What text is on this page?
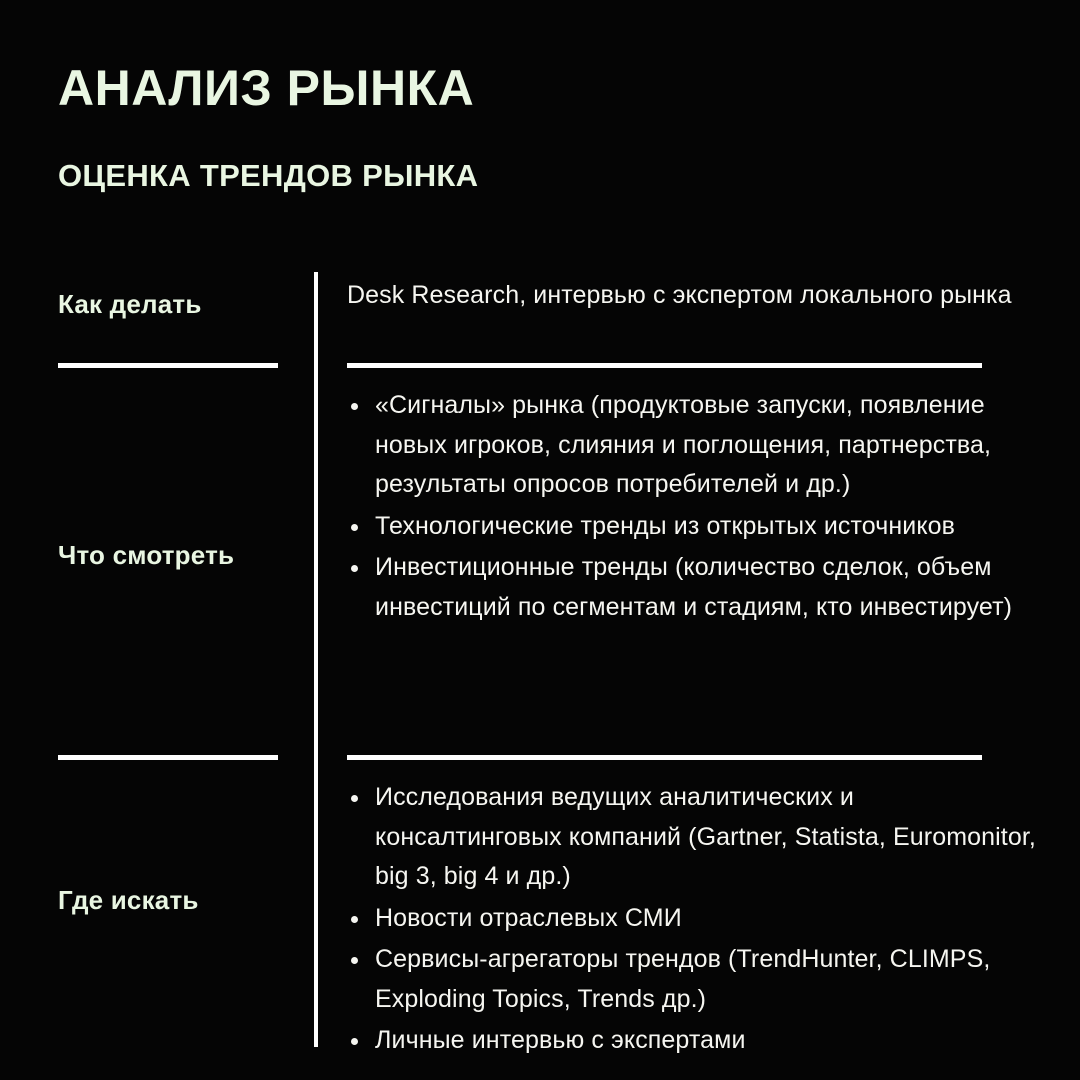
АНАЛИЗ РЫНКА
ОЦЕНКА ТРЕНДОВ РЫНКА
Как делать	Desk Research, интервью с экспертом локального рынка

Что смотреть
«Сигналы» рынка (продуктовые запуски, появление новых игроков, слияния и поглощения, партнерства, результаты опросов потребителей и др.)
Технологические тренды из открытых источников
Инвестиционные тренды (количество сделок, объем инвестиций по сегментам и стадиям, кто инвестирует)
Где искать
Исследования ведущих аналитических и консалтинговых компаний (Gartner, Statista, Euromonitor, big 3, big 4 и др.)
Новости отраслевых СМИ
Сервисы-агрегаторы трендов (TrendHunter, CLIMPS, Exploding Topics, Trends др.)
Личные интервью с экспертами
